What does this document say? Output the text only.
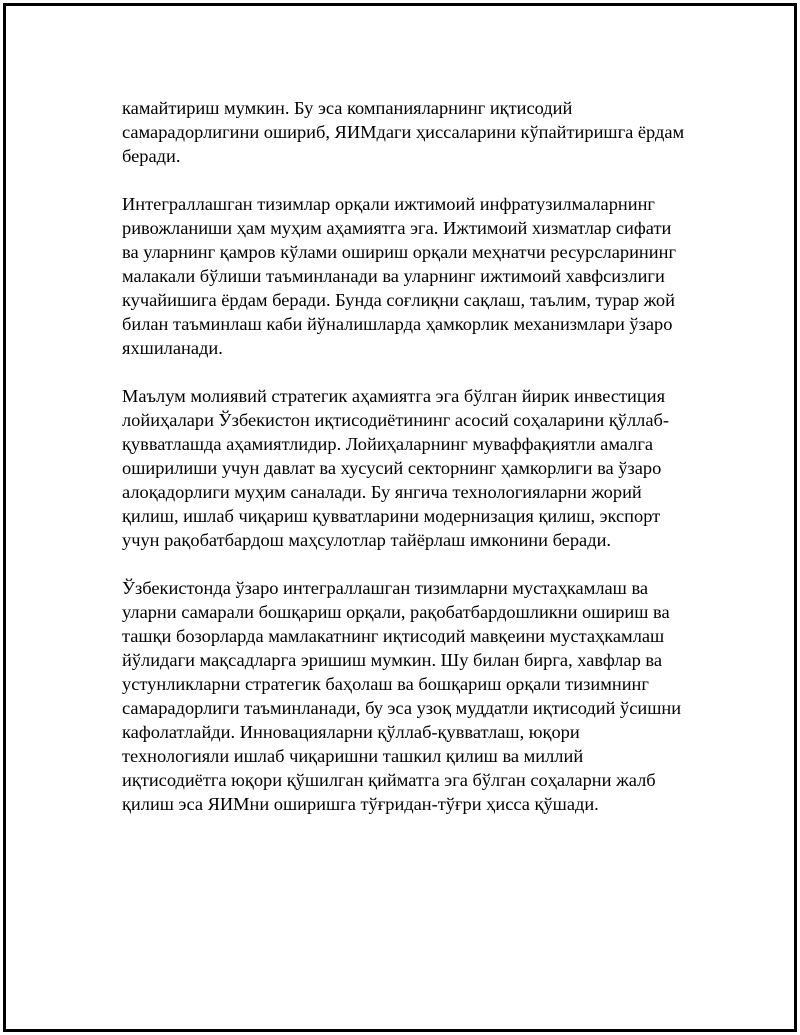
камайтириш мумкин. Бу эса компанияларнинг иқтисодий
самарадорлигини ошириб, ЯИМдаги ҳиссаларини кўпайтиришга ёрдам
беради.

Интеграллашган тизимлар орқали ижтимоий инфратузилмаларнинг
ривожланиши ҳам муҳим аҳамиятга эга. Ижтимоий хизматлар сифати
ва уларнинг қамров кўлами ошириш орқали меҳнатчи ресурсларининг
малакали бўлиши таъминланади ва уларнинг ижтимоий хавфсизлиги
кучайишига ёрдам беради. Бунда соғлиқни сақлаш, таълим, турар жой
билан таъминлаш каби йўналишларда ҳамкорлик механизмлари ўзаро
яхшиланади.

Маълум молиявий стратегик аҳамиятга эга бўлган йирик инвестиция
лойиҳалари Ўзбекистон иқтисодиётининг асосий соҳаларини қўллаб-
қувватлашда аҳамиятлидир. Лойиҳаларнинг муваффақиятли амалга
оширилиши учун давлат ва хусусий секторнинг ҳамкорлиги ва ўзаро
алоқадорлиги муҳим саналади. Бу янгича технологияларни жорий
қилиш, ишлаб чиқариш қувватларини модернизация қилиш, экспорт
учун рақобатбардош маҳсулотлар тайёрлаш имконини беради.

Ўзбекистонда ўзаро интеграллашган тизимларни мустаҳкамлаш ва
уларни самарали бошқариш орқали, рақобатбардошликни ошириш ва
ташқи бозорларда мамлакатнинг иқтисодий мавқеини мустаҳкамлаш
йўлидаги мақсадларга эришиш мумкин. Шу билан бирга, хавфлар ва
устунликларни стратегик баҳолаш ва бошқариш орқали тизимнинг
самарадорлиги таъминланади, бу эса узоқ муддатли иқтисодий ўсишни
кафолатлайди. Инновацияларни қўллаб-қувватлаш, юқори
технологияли ишлаб чиқаришни ташкил қилиш ва миллий
иқтисодиётга юқори қўшилган қийматга эга бўлган соҳаларни жалб
қилиш эса ЯИМни оширишга тўғридан-тўғри ҳисса қўшади.
